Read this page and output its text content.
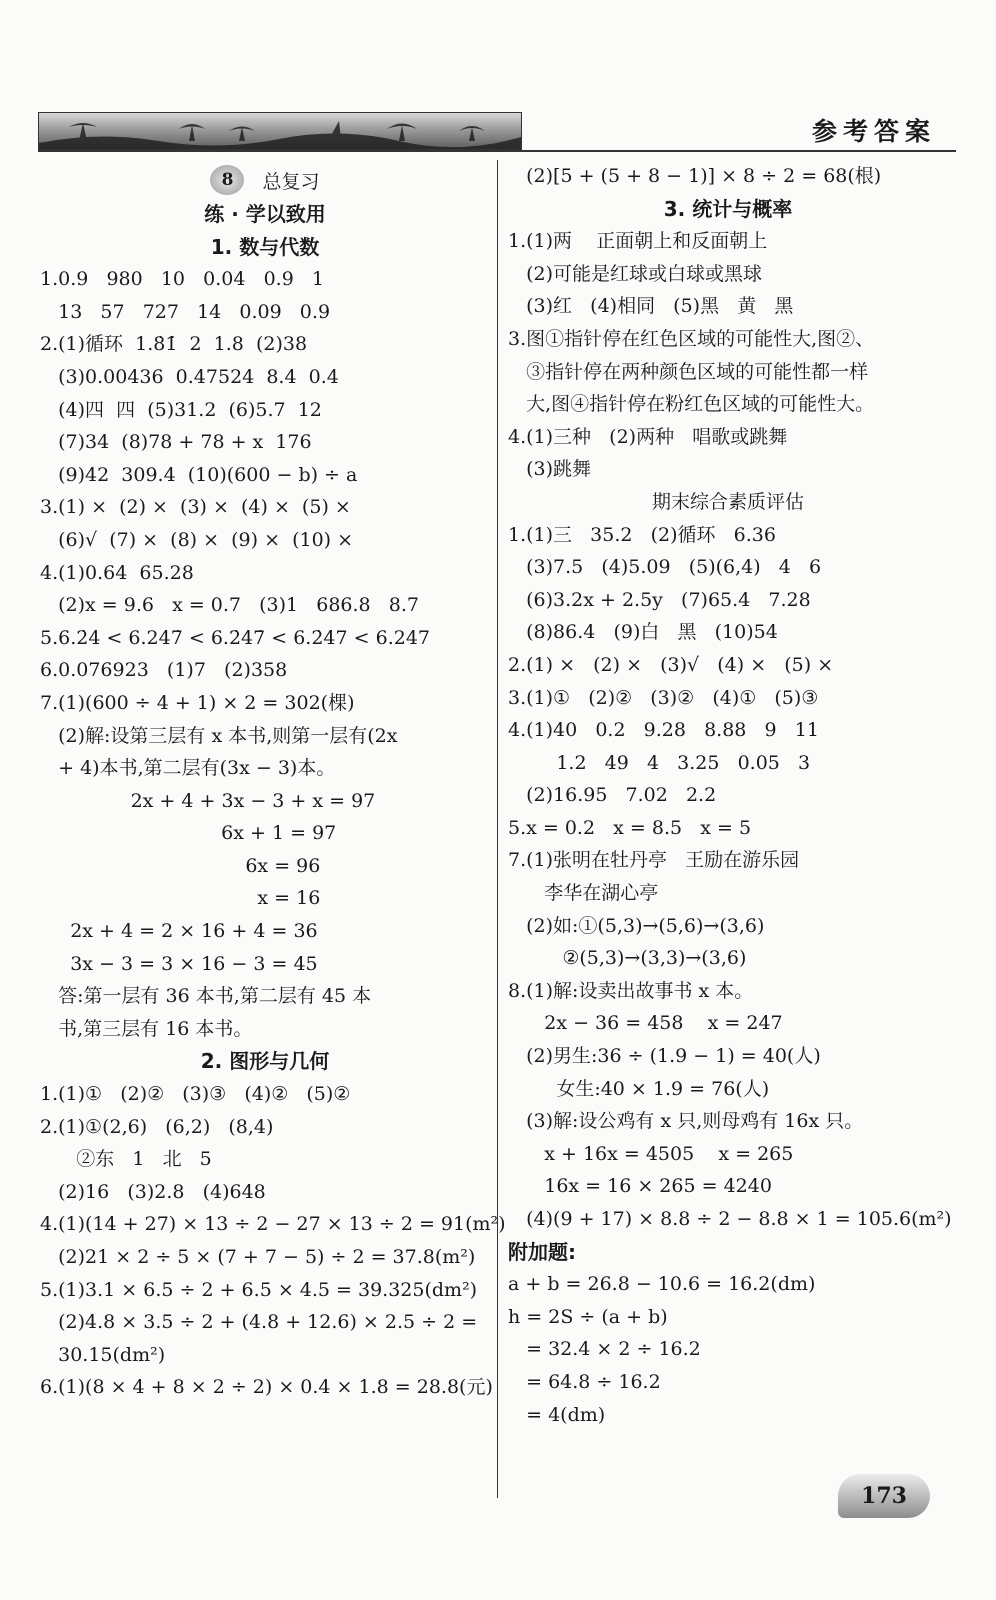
参考答案
8	总复习
练 · 学以致用
1. 数与代数
1.0.9   980   10   0.04   0.9   1
13   57   727   14   0.09   0.9
2.(1)循环  1.8̇1̇  2  1.8  (2)38
(3)0.00436  0.47524  8.4  0.4
(4)四  四  (5)31.2  (6)5.7  12
(7)34  (8)78 + 78 + x  176
(9)42  309.4  (10)(600 − b) ÷ a
3.(1) ×  (2) ×  (3) ×  (4) ×  (5) ×
(6)√  (7) ×  (8) ×  (9) ×  (10) ×
4.(1)0.64  65.28
(2)x = 9.6   x = 0.7   (3)1   686.8   8.7
5.6.2̇4̇ < 6.247̇ < 6.2̇47̇ < 6.2̇4̇7 < 6.247
6.0.076923   (1)7   (2)358
7.(1)(600 ÷ 4 + 1) × 2 = 302(棵)
(2)解:设第三层有 x 本书,则第一层有(2x
+ 4)本书,第二层有(3x − 3)本。
2x + 4 + 3x − 3 + x = 97
6x + 1 = 97
6x = 96
x = 16
2x + 4 = 2 × 16 + 4 = 36
3x − 3 = 3 × 16 − 3 = 45
答:第一层有 36 本书,第二层有 45 本
书,第三层有 16 本书。
2. 图形与几何
1.(1)①   (2)②   (3)③   (4)②   (5)②
2.(1)①(2,6)   (6,2)   (8,4)
②东   1   北   5
(2)16   (3)2.8   (4)648
4.(1)(14 + 27) × 13 ÷ 2 − 27 × 13 ÷ 2 = 91(m²)
(2)21 × 2 ÷ 5 × (7 + 7 − 5) ÷ 2 = 37.8(m²)
5.(1)3.1 × 6.5 ÷ 2 + 6.5 × 4.5 = 39.325(dm²)
(2)4.8 × 3.5 ÷ 2 + (4.8 + 12.6) × 2.5 ÷ 2 =
30.15(dm²)
6.(1)(8 × 4 + 8 × 2 ÷ 2) × 0.4 × 1.8 = 28.8(元)
(2)[5 + (5 + 8 − 1)] × 8 ÷ 2 = 68(根)
3. 统计与概率
1.(1)两    正面朝上和反面朝上
(2)可能是红球或白球或黑球
(3)红   (4)相同   (5)黑   黄   黑
3.图①指针停在红色区域的可能性大,图②、
③指针停在两种颜色区域的可能性都一样
大,图④指针停在粉红色区域的可能性大。
4.(1)三种   (2)两种   唱歌或跳舞
(3)跳舞
期末综合素质评估
1.(1)三   35.2   (2)循环   6.36
(3)7.5   (4)5.09   (5)(6,4)   4   6
(6)3.2x + 2.5y   (7)65.4   7.28
(8)86.4   (9)白   黑   (10)54
2.(1) ×   (2) ×   (3)√   (4) ×   (5) ×
3.(1)①   (2)②   (3)②   (4)①   (5)③
4.(1)40   0.2   9.28   8.88   9   11
1.2   49   4   3.25   0.05   3
(2)16.95   7.02   2.2
5.x = 0.2   x = 8.5   x = 5
7.(1)张明在牡丹亭   王励在游乐园
李华在湖心亭
(2)如:①(5,3)→(5,6)→(3,6)
②(5,3)→(3,3)→(3,6)
8.(1)解:设卖出故事书 x 本。
2x − 36 = 458    x = 247
(2)男生:36 ÷ (1.9 − 1) = 40(人)
女生:40 × 1.9 = 76(人)
(3)解:设公鸡有 x 只,则母鸡有 16x 只。
x + 16x = 4505    x = 265
16x = 16 × 265 = 4240
(4)(9 + 17) × 8.8 ÷ 2 − 8.8 × 1 = 105.6(m²)
附加题:
a + b = 26.8 − 10.6 = 16.2(dm)
h = 2S ÷ (a + b)
= 32.4 × 2 ÷ 16.2
= 64.8 ÷ 16.2
= 4(dm)
173
